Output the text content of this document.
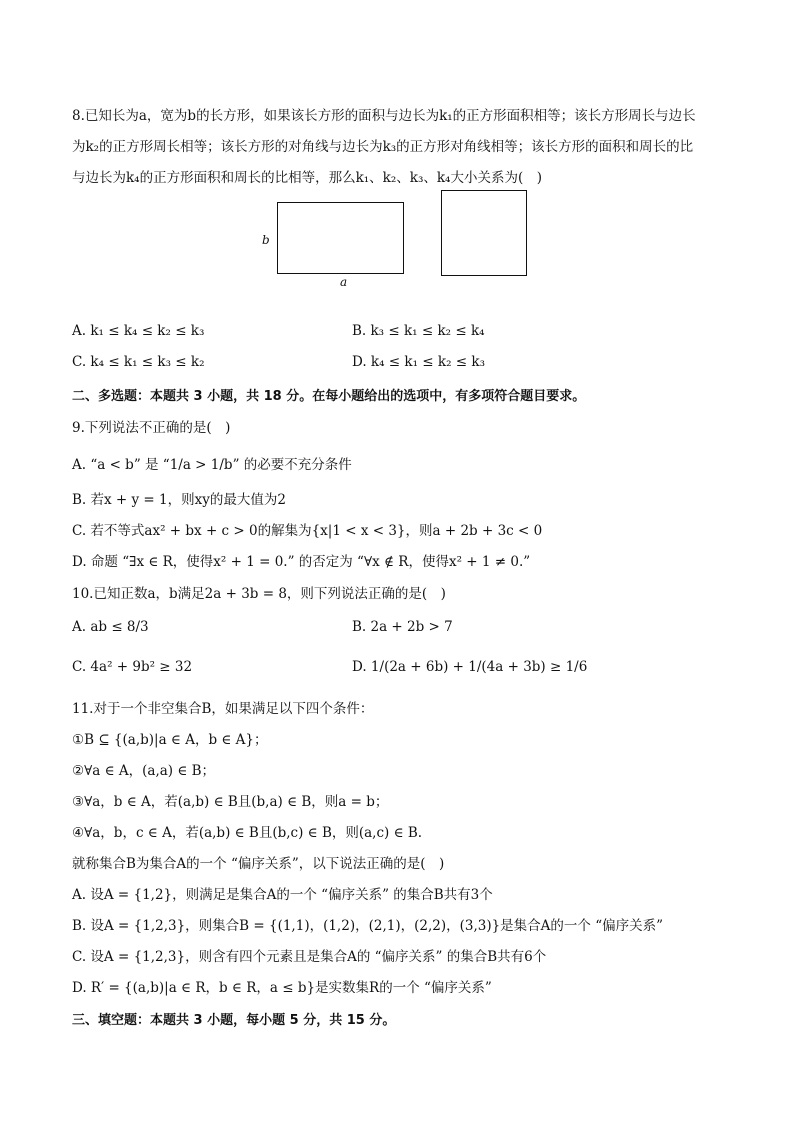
8.已知长为a，宽为b的长方形，如果该长方形的面积与边长为k₁的正方形面积相等；该长方形周长与边长
为k₂的正方形周长相等；该长方形的对角线与边长为k₃的正方形对角线相等；该长方形的面积和周长的比
与边长为k₄的正方形面积和周长的比相等，那么k₁、k₂、k₃、k₄大小关系为(　)
b
a
A. k₁ ≤ k₄ ≤ k₂ ≤ k₃	B. k₃ ≤ k₁ ≤ k₂ ≤ k₄
C. k₄ ≤ k₁ ≤ k₃ ≤ k₂	D. k₄ ≤ k₁ ≤ k₂ ≤ k₃
二、多选题：本题共 3 小题，共 18 分。在每小题给出的选项中，有多项符合题目要求。
9.下列说法不正确的是(　)
A. “a < b” 是 “1/a > 1/b” 的必要不充分条件
B. 若x + y = 1，则xy的最大值为2
C. 若不等式ax² + bx + c > 0的解集为{x|1 < x < 3}，则a + 2b + 3c < 0
D. 命题 “∃x ∈ R，使得x² + 1 = 0.” 的否定为 “∀x ∉ R，使得x² + 1 ≠ 0.”
10.已知正数a，b满足2a + 3b = 8，则下列说法正确的是(　)
A. ab ≤ 8/3	B. 2a + 2b > 7
C. 4a² + 9b² ≥ 32	D. 1/(2a + 6b) + 1/(4a + 3b) ≥ 1/6
11.对于一个非空集合B，如果满足以下四个条件：
①B ⊆ {(a,b)|a ∈ A，b ∈ A}；
②∀a ∈ A，(a,a) ∈ B；
③∀a，b ∈ A，若(a,b) ∈ B且(b,a) ∈ B，则a = b；
④∀a，b，c ∈ A，若(a,b) ∈ B且(b,c) ∈ B，则(a,c) ∈ B.
就称集合B为集合A的一个 “偏序关系”，以下说法正确的是(　)
A. 设A = {1,2}，则满足是集合A的一个 “偏序关系” 的集合B共有3个
B. 设A = {1,2,3}，则集合B = {(1,1)，(1,2)，(2,1)，(2,2)，(3,3)}是集合A的一个 “偏序关系”
C. 设A = {1,2,3}，则含有四个元素且是集合A的 “偏序关系” 的集合B共有6个
D. R′ = {(a,b)|a ∈ R，b ∈ R，a ≤ b}是实数集R的一个 “偏序关系”
三、填空题：本题共 3 小题，每小题 5 分，共 15 分。
